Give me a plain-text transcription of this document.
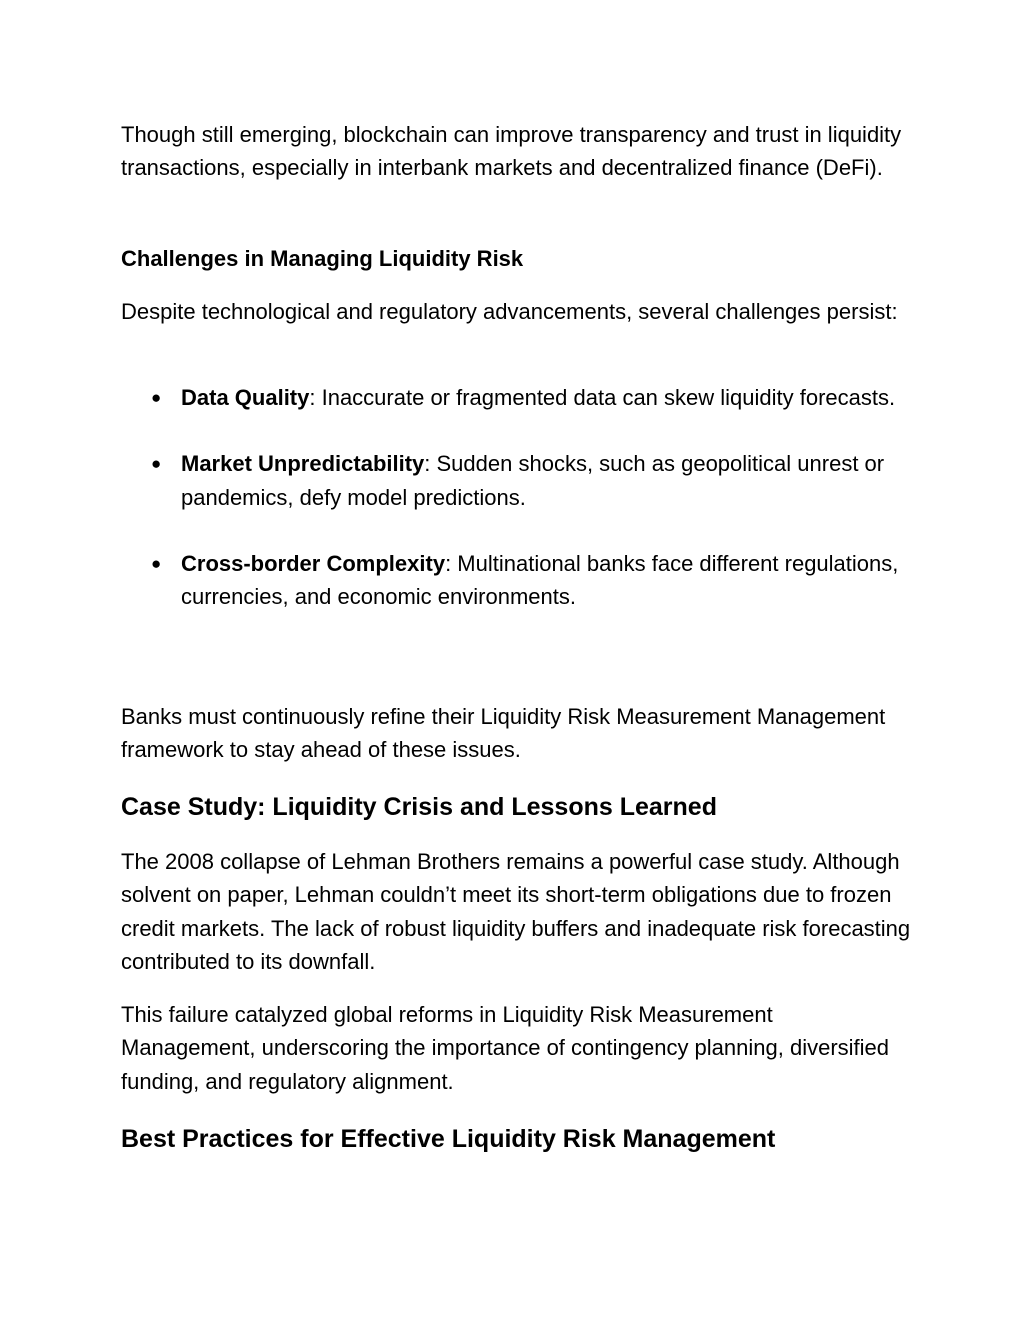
Though still emerging, blockchain can improve transparency and trust in liquidity transactions, especially in interbank markets and decentralized finance (DeFi).

Challenges in Managing Liquidity Risk

Despite technological and regulatory advancements, several challenges persist:

● Data Quality: Inaccurate or fragmented data can skew liquidity forecasts.
● Market Unpredictability: Sudden shocks, such as geopolitical unrest or pandemics, defy model predictions.
● Cross-border Complexity: Multinational banks face different regulations, currencies, and economic environments.

Banks must continuously refine their Liquidity Risk Measurement Management framework to stay ahead of these issues.

Case Study: Liquidity Crisis and Lessons Learned

The 2008 collapse of Lehman Brothers remains a powerful case study. Although solvent on paper, Lehman couldn’t meet its short-term obligations due to frozen credit markets. The lack of robust liquidity buffers and inadequate risk forecasting contributed to its downfall.

This failure catalyzed global reforms in Liquidity Risk Measurement Management, underscoring the importance of contingency planning, diversified funding, and regulatory alignment.

Best Practices for Effective Liquidity Risk Management
